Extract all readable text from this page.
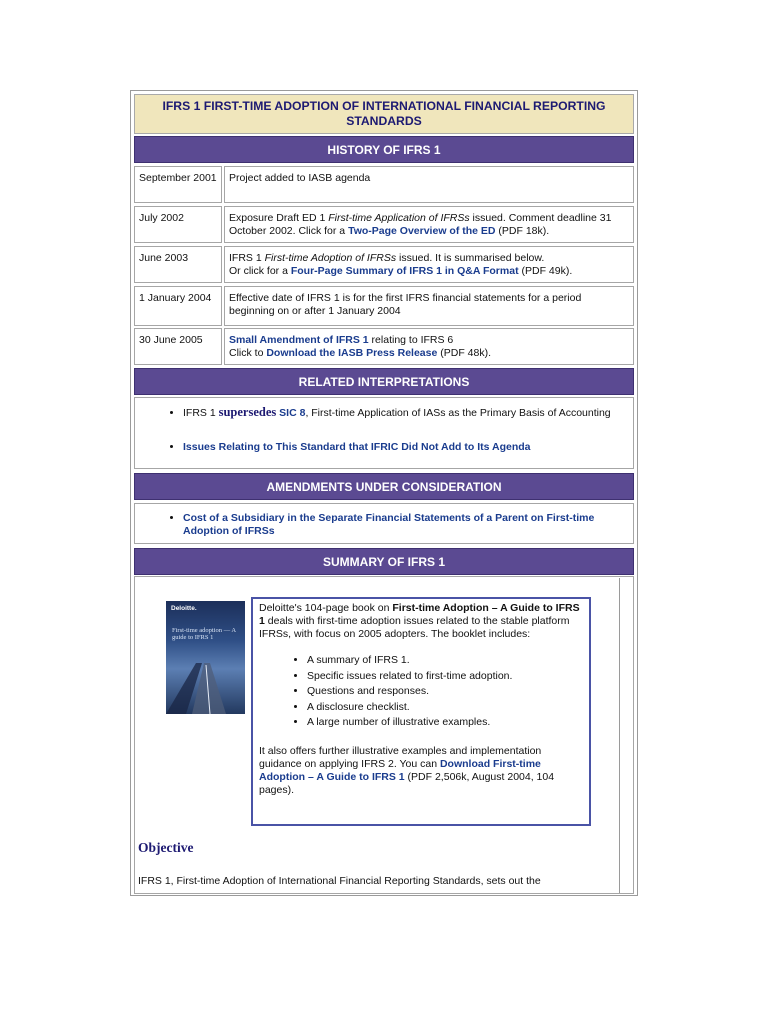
IFRS 1 FIRST-TIME ADOPTION OF INTERNATIONAL FINANCIAL REPORTING STANDARDS
HISTORY OF IFRS 1
September 2001	Project added to IASB agenda
July 2002	Exposure Draft ED 1 First-time Application of IFRSs issued. Comment deadline 31 October 2002. Click for a Two-Page Overview of the ED (PDF 18k).
June 2003	IFRS 1 First-time Adoption of IFRSs issued. It is summarised below.
Or click for a Four-Page Summary of IFRS 1 in Q&A Format (PDF 49k).
1 January 2004	Effective date of IFRS 1 is for the first IFRS financial statements for a period beginning on or after 1 January 2004
30 June 2005	Small Amendment of IFRS 1 relating to IFRS 6
Click to Download the IASB Press Release (PDF 48k).
RELATED INTERPRETATIONS
• IFRS 1 supersedes SIC 8, First-time Application of IASs as the Primary Basis of Accounting
• Issues Relating to This Standard that IFRIC Did Not Add to Its Agenda
AMENDMENTS UNDER CONSIDERATION
• Cost of a Subsidiary in the Separate Financial Statements of a Parent on First-time Adoption of IFRSs
SUMMARY OF IFRS 1
Deloitte.
First-time adoption — A guide to IFRS 1
Deloitte's 104-page book on First-time Adoption – A Guide to IFRS 1 deals with first-time adoption issues related to the stable platform IFRSs, with focus on 2005 adopters. The booklet includes:
• A summary of IFRS 1.
• Specific issues related to first-time adoption.
• Questions and responses.
• A disclosure checklist.
• A large number of illustrative examples.
It also offers further illustrative examples and implementation guidance on applying IFRS 2. You can Download First-time Adoption – A Guide to IFRS 1 (PDF 2,506k, August 2004, 104 pages).
Objective
IFRS 1, First-time Adoption of International Financial Reporting Standards, sets out the
